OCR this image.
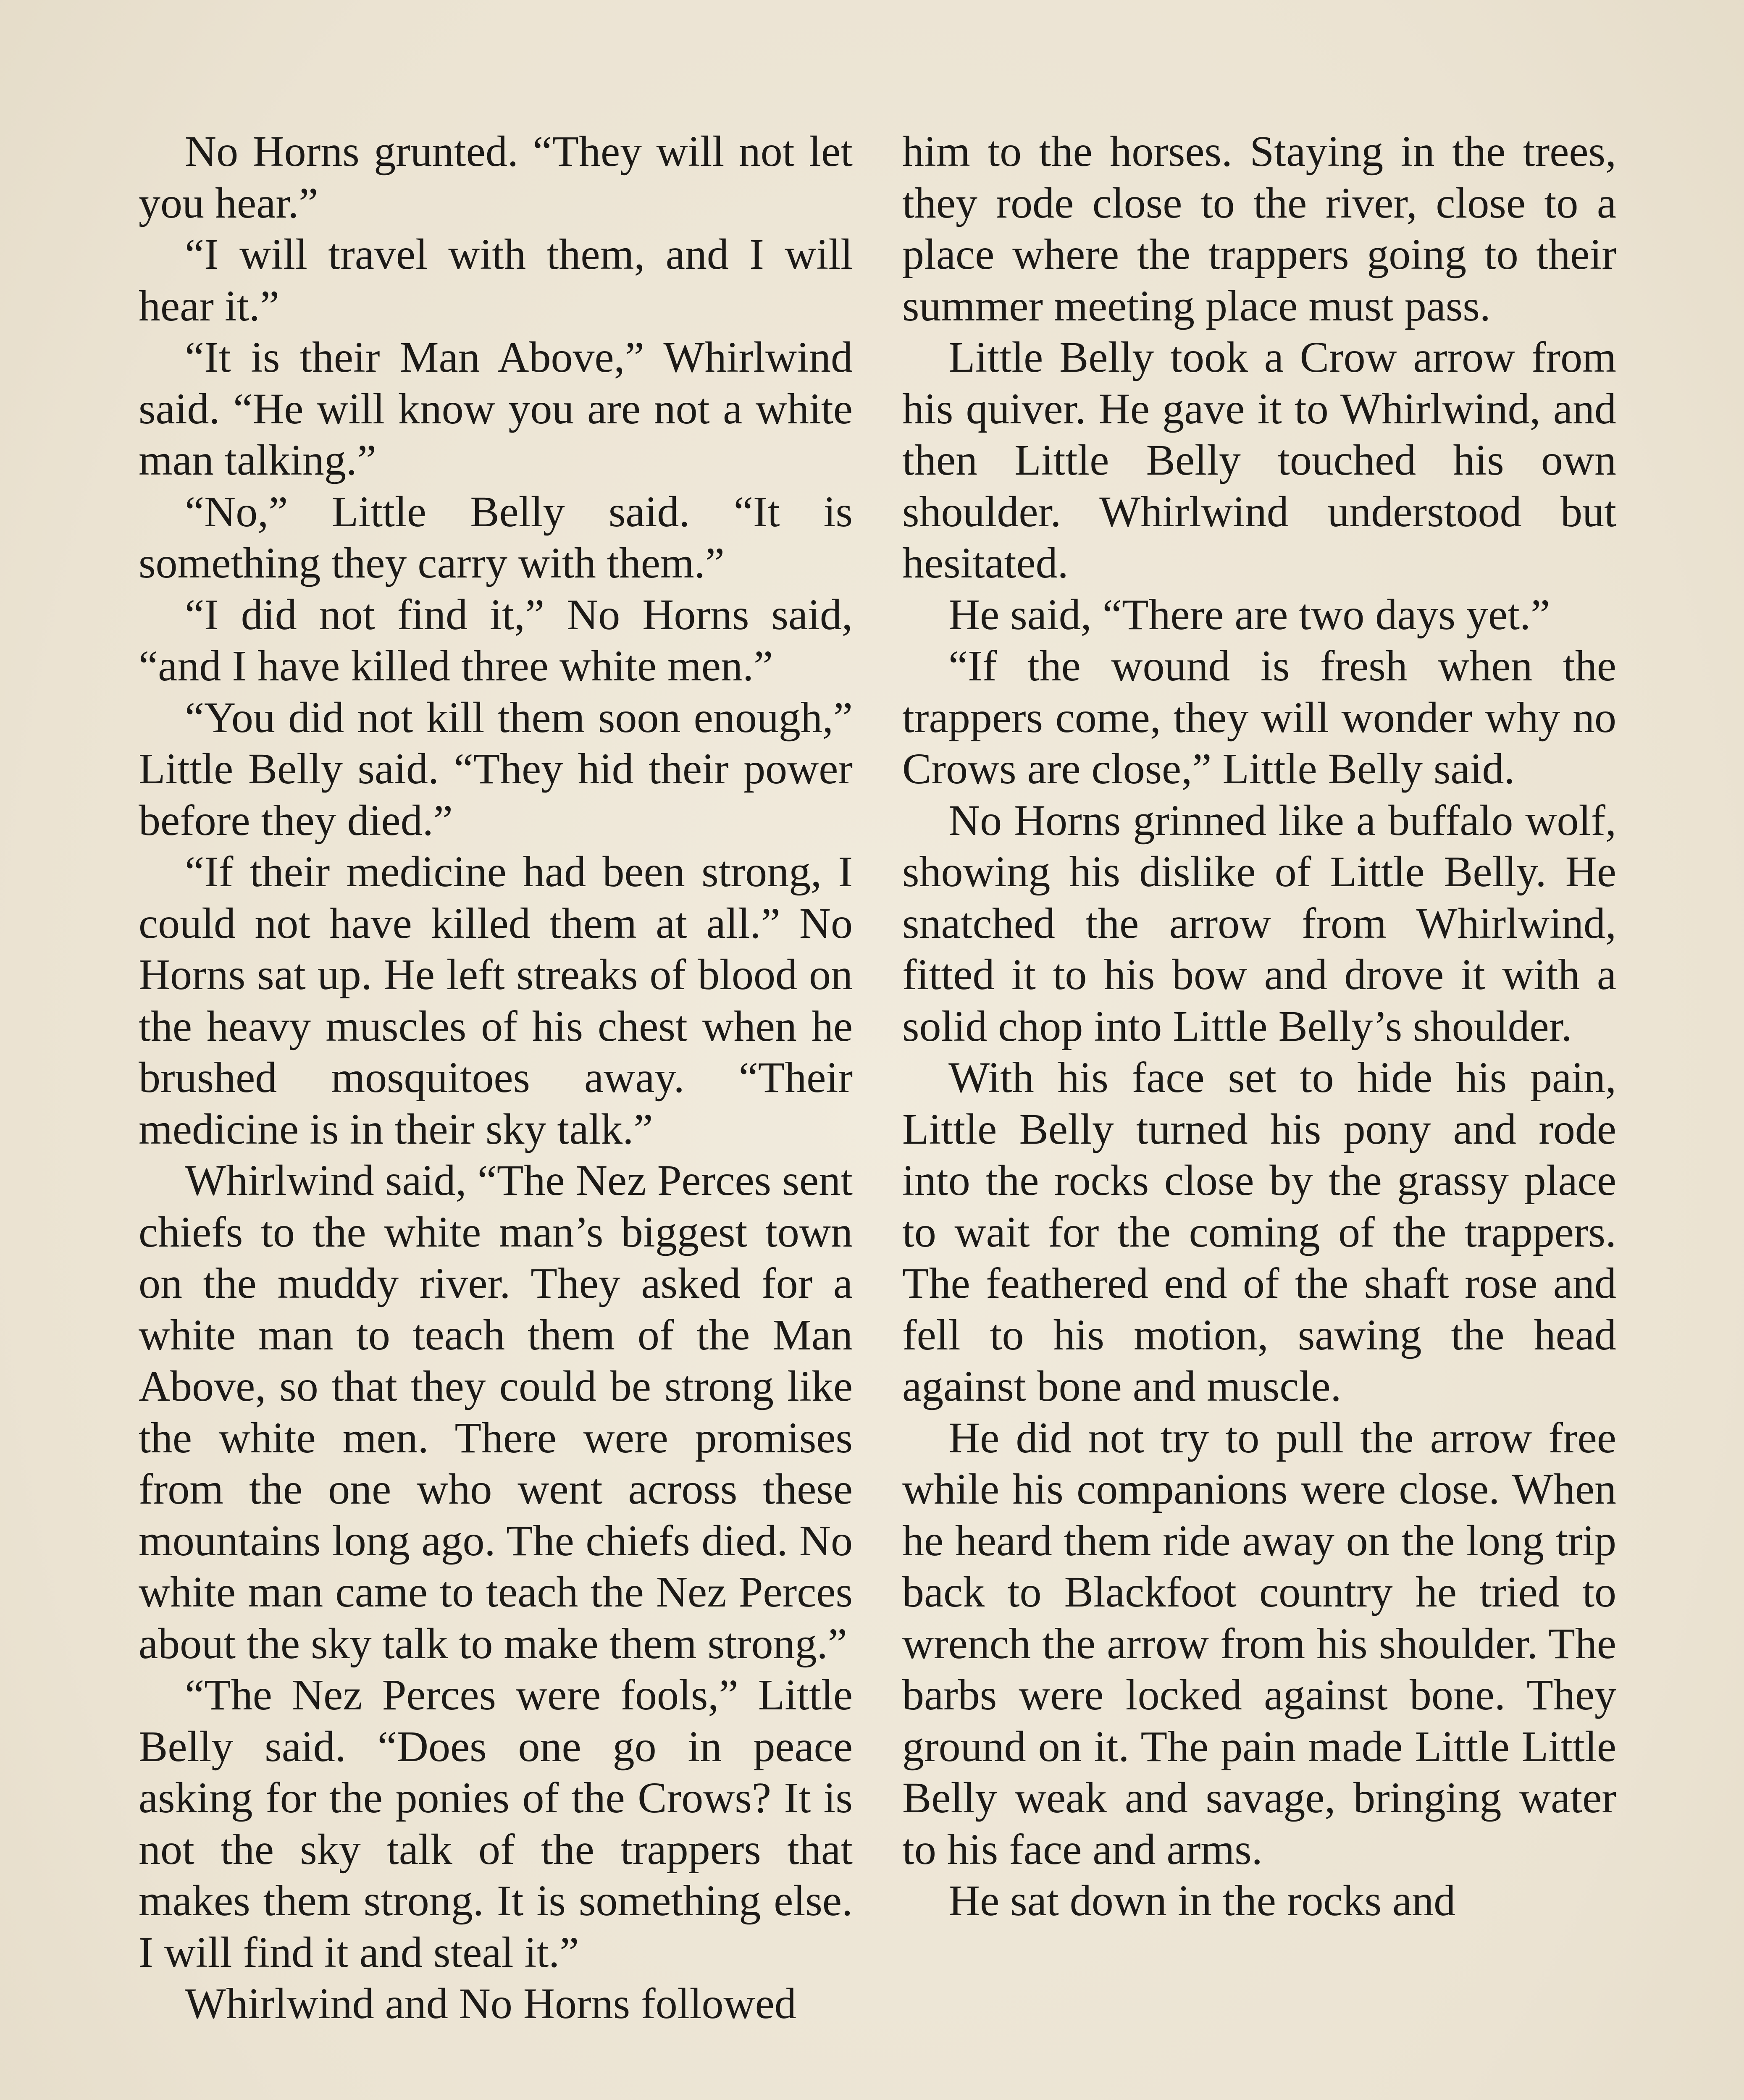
No Horns grunted. “They will not let you hear.”

“I will travel with them, and I will hear it.”

“It is their Man Above,” Whirlwind said. “He will know you are not a white man talking.”

“No,” Little Belly said. “It is something they carry with them.”

“I did not find it,” No Horns said, “and I have killed three white men.”

“You did not kill them soon enough,” Little Belly said. “They hid their power before they died.”

“If their medicine had been strong, I could not have killed them at all.” No Horns sat up. He left streaks of blood on the heavy muscles of his chest when he brushed mosquitoes away. “Their medicine is in their sky talk.”

Whirlwind said, “The Nez Perces sent chiefs to the white man’s biggest town on the muddy river. They asked for a white man to teach them of the Man Above, so that they could be strong like the white men. There were promises from the one who went across these mountains long ago. The chiefs died. No white man came to teach the Nez Perces about the sky talk to make them strong.”

“The Nez Perces were fools,” Little Belly said. “Does one go in peace asking for the ponies of the Crows? It is not the sky talk of the trappers that makes them strong. It is something else. I will find it and steal it.”

Whirlwind and No Horns followed

him to the horses. Staying in the trees, they rode close to the river, close to a place where the trappers going to their summer meeting place must pass.

Little Belly took a Crow arrow from his quiver. He gave it to Whirlwind, and then Little Belly touched his own shoulder. Whirlwind understood but hesitated.

He said, “There are two days yet.”

“If the wound is fresh when the trappers come, they will wonder why no Crows are close,” Little Belly said.

No Horns grinned like a buffalo wolf, showing his dislike of Little Belly. He snatched the arrow from Whirlwind, fitted it to his bow and drove it with a solid chop into Little Belly’s shoulder.

With his face set to hide his pain, Little Belly turned his pony and rode into the rocks close by the grassy place to wait for the coming of the trappers. The feathered end of the shaft rose and fell to his motion, sawing the head against bone and muscle.

He did not try to pull the arrow free while his companions were close. When he heard them ride away on the long trip back to Blackfoot country he tried to wrench the arrow from his shoulder. The barbs were locked against bone. They ground on it. The pain made Little Little Belly weak and savage, bringing water to his face and arms.

He sat down in the rocks and
